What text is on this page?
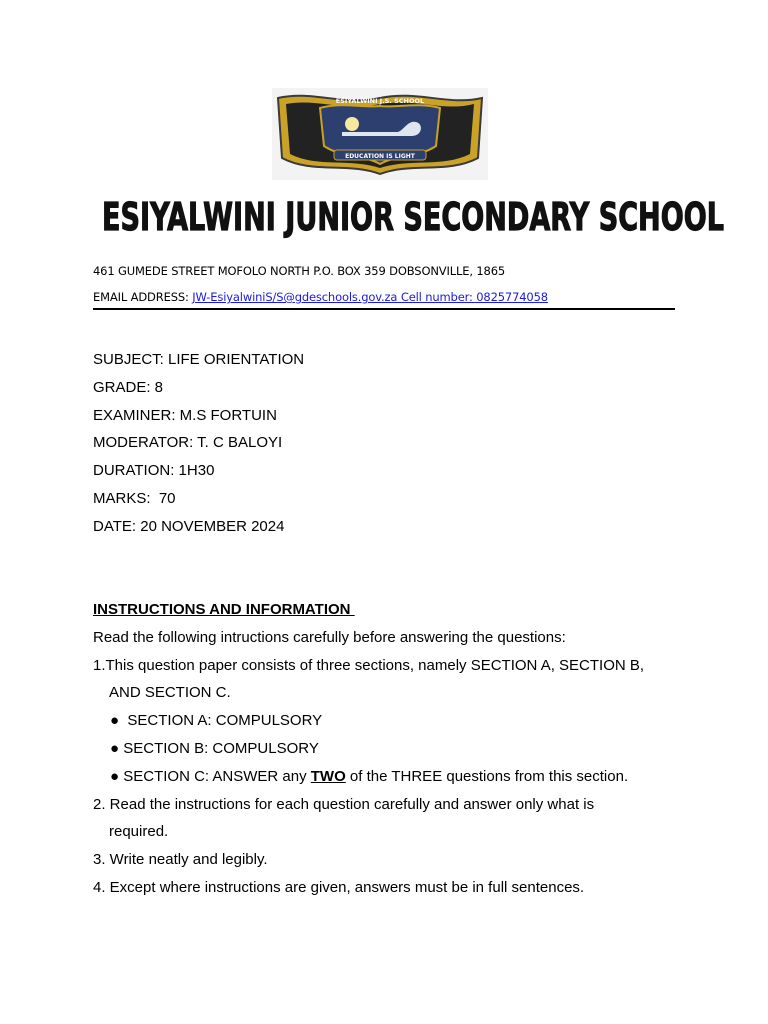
ESIYALWINI J.S. SCHOOL
EDUCATION IS LIGHT
ESIYALWINI JUNIOR SECONDARY SCHOOL
461 GUMEDE STREET MOFOLO NORTH P.O. BOX 359 DOBSONVILLE, 1865
EMAIL ADDRESS: JW-EsiyalwiniS/S@gdeschools.gov.za Cell number: 0825774058
SUBJECT: LIFE ORIENTATION
GRADE: 8
EXAMINER: M.S FORTUIN
MODERATOR: T. C BALOYI
DURATION: 1H30
MARKS:  70
DATE: 20 NOVEMBER 2024
INSTRUCTIONS AND INFORMATION
Read the following intructions carefully before answering the questions:
1.This question paper consists of three sections, namely SECTION A, SECTION B,
AND SECTION C.
●  SECTION A: COMPULSORY
● SECTION B: COMPULSORY
● SECTION C: ANSWER any TWO of the THREE questions from this section.
2. Read the instructions for each question carefully and answer only what is
required.
3. Write neatly and legibly.
4. Except where instructions are given, answers must be in full sentences.
